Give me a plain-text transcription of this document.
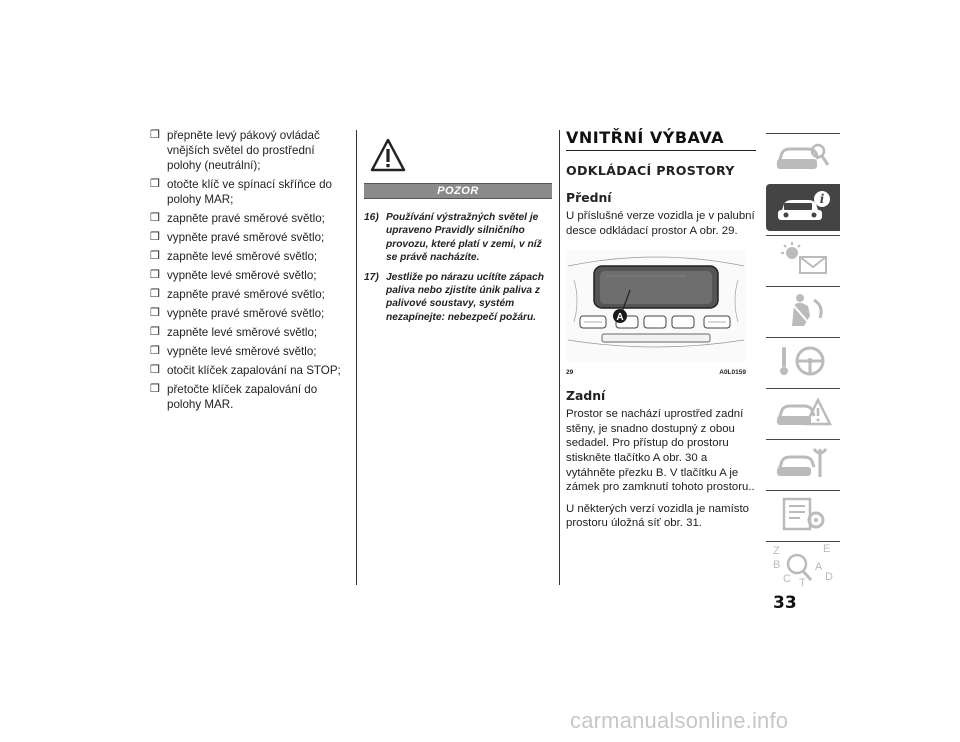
❒ přepněte levý pákový ovládač vnějších světel do prostřední polohy (neutrální);
❒ otočte klíč ve spínací skříňce do polohy MAR;
❒ zapněte pravé směrové světlo;
❒ vypněte pravé směrové světlo;
❒ zapněte levé směrové světlo;
❒ vypněte levé směrové světlo;
❒ zapněte pravé směrové světlo;
❒ vypněte pravé směrové světlo;
❒ zapněte levé směrové světlo;
❒ vypněte levé směrové světlo;
❒ otočit klíček zapalování na STOP;
❒ přetočte klíček zapalování do polohy MAR.
POZOR
16) Používání výstražných světel je upraveno Pravidly silničního provozu, které platí v zemi, v níž se právě nacházíte.
17) Jestliže po nárazu ucítíte zápach paliva nebo zjistíte únik paliva z palivové soustavy, systém nezapínejte: nebezpečí požáru.
VNITŘNÍ VÝBAVA
ODKLÁDACÍ PROSTORY
Přední
U příslušné verze vozidla je v palubní desce odkládací prostor A obr. 29.
A
29	A0L0159
Zadní
Prostor se nachází uprostřed zadní stěny, je snadno dostupný z obou sedadel. Pro přístup do prostoru stiskněte tlačítko A obr. 30 a vytáhněte přezku B. V tlačítku A je zámek pro zamknutí tohoto prostoru..
U některých verzí vozidla je namísto prostoru úložná síť obr. 31.
i
Z	E
B	A
C	D
T
33
carmanualsonline.info
